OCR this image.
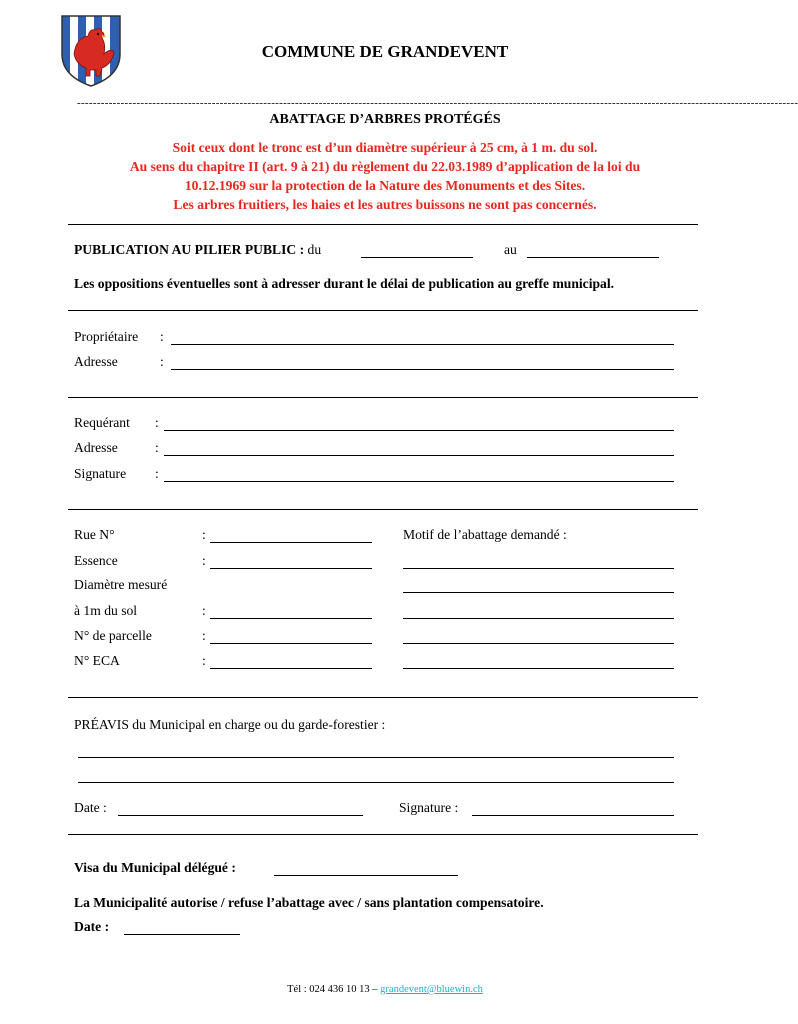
COMMUNE DE GRANDEVENT
--------------------------------------------------------------------------------------------------------------------------------------------------------------------------------------
ABATTAGE D’ARBRES PROTÉGÉS
Soit ceux dont le tronc est d’un diamètre supérieur à 25 cm, à 1 m. du sol.
Au sens du chapitre II (art. 9 à 21) du règlement du 22.03.1989 d’application de la loi du
10.12.1969 sur la protection de la Nature des Monuments et des Sites.
Les arbres fruitiers, les haies et les autres buissons ne sont pas concernés.
PUBLICATION AU PILIER PUBLIC : du	au
Les oppositions éventuelles sont à adresser durant le délai de publication au greffe municipal.
Propriétaire :
Adresse	:
Requérant :
Adresse	:
Signature :
Rue N°	:	Motif de l’abattage demandé :
Essence	:
Diamètre mesuré
à 1m du sol	:
N° de parcelle	:
N° ECA	:
PRÉAVIS du Municipal en charge ou du garde-forestier :
Date :	Signature :
Visa du Municipal délégué :
La Municipalité autorise / refuse l’abattage avec / sans plantation compensatoire.
Date :
Tél : 024 436 10 13 – grandevent@bluewin.ch
